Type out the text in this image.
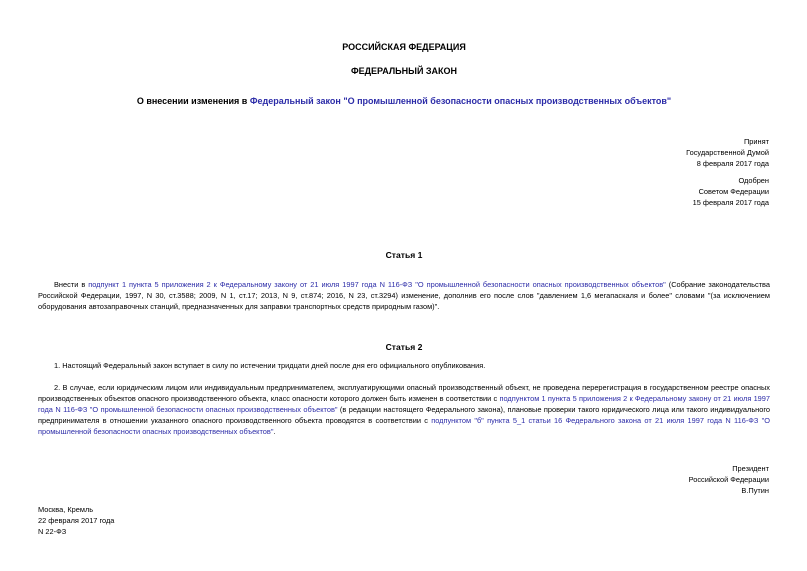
РОССИЙСКАЯ ФЕДЕРАЦИЯ
ФЕДЕРАЛЬНЫЙ ЗАКОН
О внесении изменения в Федеральный закон "О промышленной безопасности опасных производственных объектов"
Принят
Государственной Думой
8 февраля 2017 года
Одобрен
Советом Федерации
15 февраля 2017 года
Статья 1
Внести в подпункт 1 пункта 5 приложения 2 к Федеральному закону от 21 июля 1997 года N 116-ФЗ "О промышленной безопасности опасных производственных объектов" (Собрание законодательства Российской Федерации, 1997, N 30, ст.3588; 2009, N 1, ст.17; 2013, N 9, ст.874; 2016, N 23, ст.3294) изменение, дополнив его после слов "давлением 1,6 мегапаскаля и более" словами "(за исключением оборудования автозаправочных станций, предназначенных для заправки транспортных средств природным газом)".
Статья 2
1. Настоящий Федеральный закон вступает в силу по истечении тридцати дней после дня его официального опубликования.
2. В случае, если юридическим лицом или индивидуальным предпринимателем, эксплуатирующими опасный производственный объект, не проведена перерегистрация в государственном реестре опасных производственных объектов опасного производственного объекта, класс опасности которого должен быть изменен в соответствии с подпунктом 1 пункта 5 приложения 2 к Федеральному закону от 21 июля 1997 года N 116-ФЗ "О промышленной безопасности опасных производственных объектов" (в редакции настоящего Федерального закона), плановые проверки такого юридического лица или такого индивидуального предпринимателя в отношении указанного опасного производственного объекта проводятся в соответствии с подпунктом "б" пункта 5_1 статьи 16 Федерального закона от 21 июля 1997 года N 116-ФЗ "О промышленной безопасности опасных производственных объектов".
Президент
Российской Федерации
В.Путин
Москва, Кремль
22 февраля 2017 года
N 22-ФЗ
